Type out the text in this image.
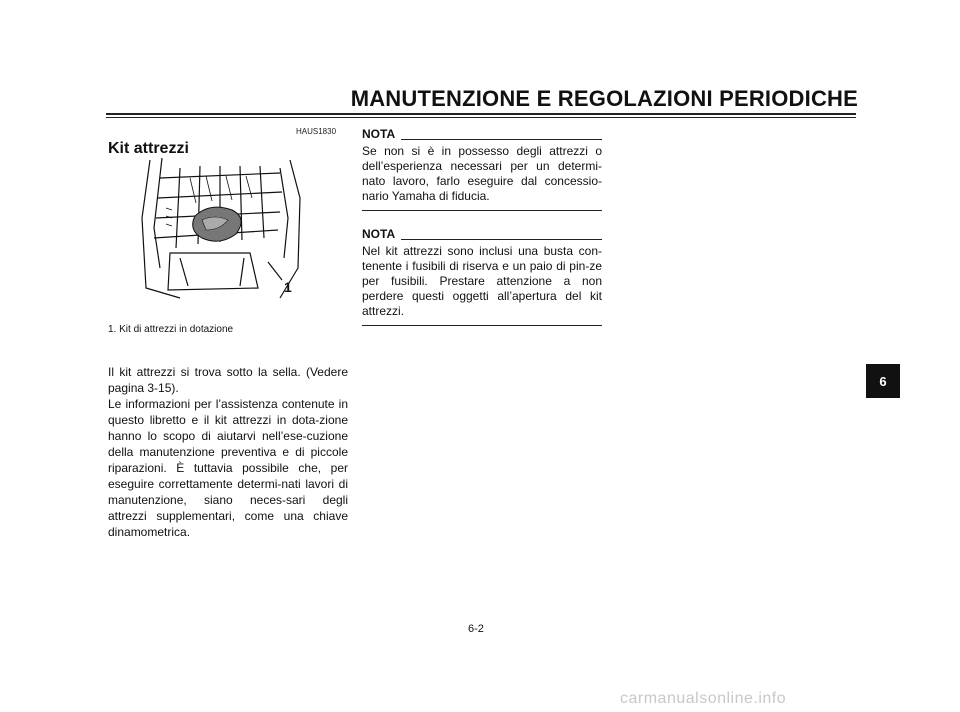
MANUTENZIONE E REGOLAZIONI PERIODICHE
HAUS1830
Kit attrezzi
1
1. Kit di attrezzi in dotazione

Il kit attrezzi si trova sotto la sella. (Vedere pagina 3-15).

Le informazioni per l’assistenza contenute in questo libretto e il kit attrezzi in dota-zione hanno lo scopo di aiutarvi nell’ese-cuzione della manutenzione preventiva e di piccole riparazioni. È tuttavia possibile che, per eseguire correttamente determi-nati lavori di manutenzione, siano neces-sari degli attrezzi supplementari, come una chiave dinamometrica.

NOTA
Se non si è in possesso degli attrezzi o dell’esperienza necessari per un determi-nato lavoro, farlo eseguire dal concessio-nario Yamaha di fiducia.
NOTA
Nel kit attrezzi sono inclusi una busta con-tenente i fusibili di riserva e un paio di pin-ze per fusibili. Prestare attenzione a non perdere questi oggetti all’apertura del kit attrezzi.
6
6-2
carmanualsonline.info
